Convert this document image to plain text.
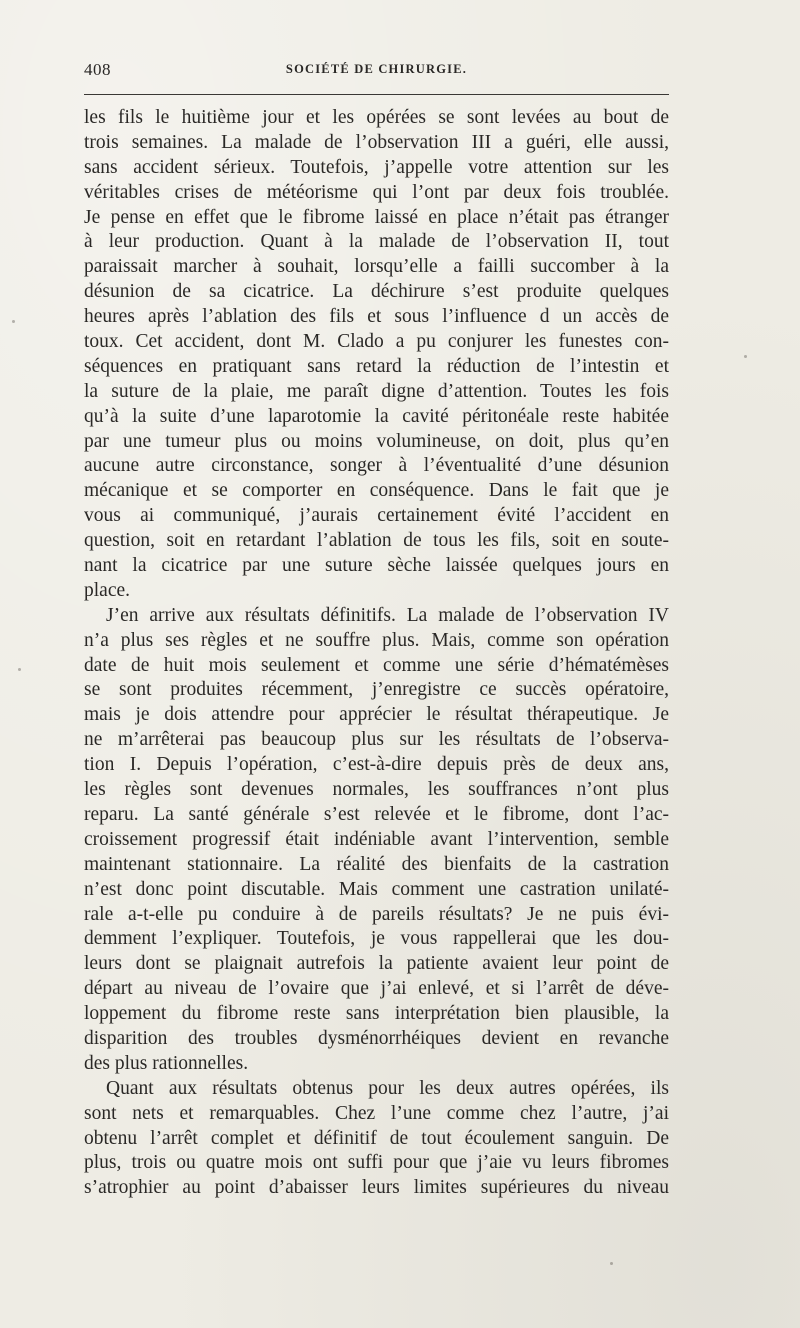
408	SOCIÉTÉ DE CHIRURGIE.
les fils le huitième jour et les opérées se sont levées au bout de
trois semaines. La malade de l’observation III a guéri, elle aussi,
sans accident sérieux. Toutefois, j’appelle votre attention sur les
véritables crises de météorisme qui l’ont par deux fois troublée.
Je pense en effet que le fibrome laissé en place n’était pas étranger
à leur production. Quant à la malade de l’observation II, tout
paraissait marcher à souhait, lorsqu’elle a failli succomber à la
désunion de sa cicatrice. La déchirure s’est produite quelques
heures après l’ablation des fils et sous l’influence d un accès de
toux. Cet accident, dont M. Clado a pu conjurer les funestes con-
séquences en pratiquant sans retard la réduction de l’intestin et
la suture de la plaie, me paraît digne d’attention. Toutes les fois
qu’à la suite d’une laparotomie la cavité péritonéale reste habitée
par une tumeur plus ou moins volumineuse, on doit, plus qu’en
aucune autre circonstance, songer à l’éventualité d’une désunion
mécanique et se comporter en conséquence. Dans le fait que je
vous ai communiqué, j’aurais certainement évité l’accident en
question, soit en retardant l’ablation de tous les fils, soit en soute-
nant la cicatrice par une suture sèche laissée quelques jours en
place.
J’en arrive aux résultats définitifs. La malade de l’observation IV
n’a plus ses règles et ne souffre plus. Mais, comme son opération
date de huit mois seulement et comme une série d’hématémèses
se sont produites récemment, j’enregistre ce succès opératoire,
mais je dois attendre pour apprécier le résultat thérapeutique. Je
ne m’arrêterai pas beaucoup plus sur les résultats de l’observa-
tion I. Depuis l’opération, c’est-à-dire depuis près de deux ans,
les règles sont devenues normales, les souffrances n’ont plus
reparu. La santé générale s’est relevée et le fibrome, dont l’ac-
croissement progressif était indéniable avant l’intervention, semble
maintenant stationnaire. La réalité des bienfaits de la castration
n’est donc point discutable. Mais comment une castration unilaté-
rale a-t-elle pu conduire à de pareils résultats? Je ne puis évi-
demment l’expliquer. Toutefois, je vous rappellerai que les dou-
leurs dont se plaignait autrefois la patiente avaient leur point de
départ au niveau de l’ovaire que j’ai enlevé, et si l’arrêt de déve-
loppement du fibrome reste sans interprétation bien plausible, la
disparition des troubles dysménorrhéiques devient en revanche
des plus rationnelles.
Quant aux résultats obtenus pour les deux autres opérées, ils
sont nets et remarquables. Chez l’une comme chez l’autre, j’ai
obtenu l’arrêt complet et définitif de tout écoulement sanguin. De
plus, trois ou quatre mois ont suffi pour que j’aie vu leurs fibromes
s’atrophier au point d’abaisser leurs limites supérieures du niveau
